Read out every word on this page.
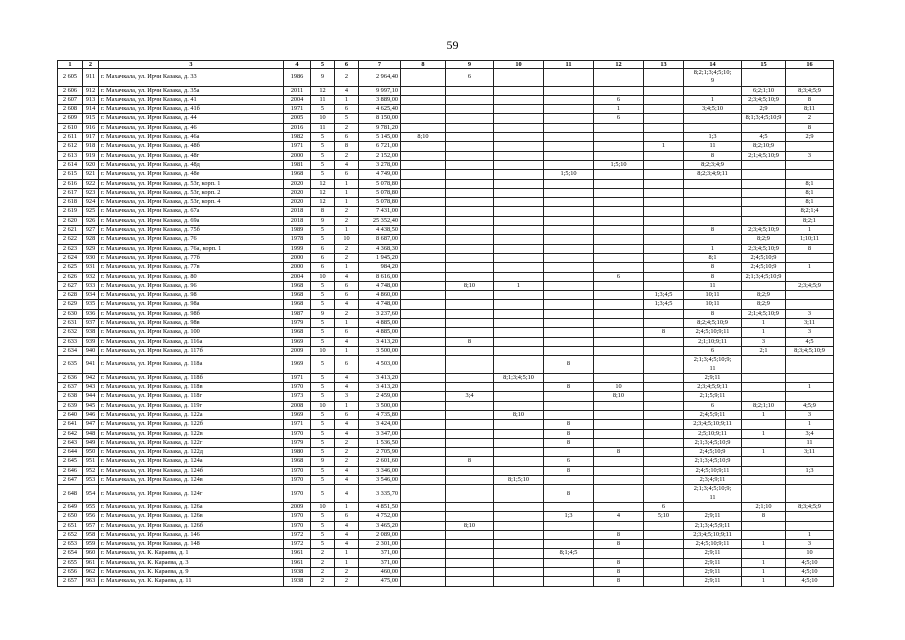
59
1	2	3	4	5	6	7	8	9	10	11	12	13	14	15	16
2 605	911	г. Махачкала, ул. Ирчи Казака, д. 33	1986	9	2	2 964,40		6					8;2;1;3;4;5;10;
9		
2 606	912	г. Махачкала, ул. Ирчи Казака, д. 35а	2011	12	4	9 997,10								6;2;1;10	8;3;4;5;9
2 607	913	г. Махачкала, ул. Ирчи Казака, д. 41	2004	11	1	3 889,00					6		1	2;3;4;5;10;9	8
2 608	914	г. Махачкала, ул. Ирчи Казака, д. 41б	1971	5	6	4 625,40					1		3;4;5;10	2;9	8;11
2 609	915	г. Махачкала, ул. Ирчи Казака, д. 44	2005	10	5	8 150,00					6			8;1;3;4;5;10;9	2
2 610	916	г. Махачкала, ул. Ирчи Казака, д. 46	2016	11	2	9 781,20									8
2 611	917	г. Махачкала, ул. Ирчи Казака, д. 46а	1982	5	6	5 145,00	8;10						1;3	4;5	2;9
2 612	918	г. Махачкала, ул. Ирчи Казака, д. 48б	1971	5	8	6 721,00						1	11	8;2;10;9	
2 613	919	г. Махачкала, ул. Ирчи Казака, д. 48г	2000	5	2	2 152,00							8	2;1;4;5;10;9	3
2 614	920	г. Махачкала, ул. Ирчи Казака, д. 48д	1981	5	4	3 278,00					1;5;10		8;2;3;4;9		
2 615	921	г. Махачкала, ул. Ирчи Казака, д. 48е	1968	5	6	4 749,00				1;5;10			8;2;3;4;9;11		
2 616	922	г. Махачкала, ул. Ирчи Казака, д. 53г, корп. 1	2020	12	1	5 078,80									8;1
2 617	923	г. Махачкала, ул. Ирчи Казака, д. 53г, корп. 2	2020	12	1	5 078,80									8;1
2 618	924	г. Махачкала, ул. Ирчи Казака, д. 53г, корп. 4	2020	12	1	5 078,80									8;1
2 619	925	г. Махачкала, ул. Ирчи Казака, д. 67а	2018	8	2	7 431,00									8;2;1;4
2 620	926	г. Махачкала, ул. Ирчи Казака, д. 69а	2018	9	2	25 352,40									8;2;1
2 621	927	г. Махачкала, ул. Ирчи Казака, д. 75б	1989	5	1	4 438,50							8	2;3;4;5;10;9	1
2 622	928	г. Махачкала, ул. Ирчи Казака, д. 76	1978	5	10	8 687,00								8;2;9	1;10;11
2 623	929	г. Махачкала, ул. Ирчи Казака, д. 76а, корп. 1	1999	6	2	4 368,30							1	2;3;4;5;10;9	8
2 624	930	г. Махачкала, ул. Ирчи Казака, д. 77б	2000	6	2	1 945,20							8;1	2;4;5;10;9	
2 625	931	г. Махачкала, ул. Ирчи Казака, д. 77в	2000	6	1	984,20							8	2;4;5;10;9	1
2 626	932	г. Махачкала, ул. Ирчи Казака, д. 80	2004	10	4	8 616,00					6		8	2;1;3;4;5;10;9	
2 627	933	г. Махачкала, ул. Ирчи Казака, д. 96	1968	5	6	4 748,00		8;10	1				11		2;3;4;5;9
2 628	934	г. Махачкала, ул. Ирчи Казака, д. 98	1968	5	6	4 860,00						1;3;4;5	10;11	8;2;9	
2 629	935	г. Махачкала, ул. Ирчи Казака, д. 98а	1968	5	4	4 748,00						1;3;4;5	10;11	8;2;9	
2 630	936	г. Махачкала, ул. Ирчи Казака, д. 98б	1987	9	2	3 237,60							8	2;1;4;5;10;9	3
2 631	937	г. Махачкала, ул. Ирчи Казака, д. 98в	1979	5	1	4 885,00							8;2;4;5;10;9	1	3;11
2 632	938	г. Махачкала, ул. Ирчи Казака, д. 100	1968	5	6	4 885,00						8	2;4;5;10;9;11	1	3
2 633	939	г. Махачкала, ул. Ирчи Казака, д. 116а	1969	5	4	3 413,20		8					2;1;10;9;11	3	4;5
2 634	940	г. Махачкала, ул. Ирчи Казака, д. 117б	2009	10	1	3 500,00							6	2;1	8;3;4;5;10;9
2 635	941	г. Махачкала, ул. Ирчи Казака, д. 118а	1969	5	6	4 503,00				8			2;1;3;4;5;10;9;
11		
2 636	942	г. Махачкала, ул. Ирчи Казака, д. 118б	1971	5	4	3 413,20			8;1;3;4;5;10				2;9;11		
2 637	943	г. Махачкала, ул. Ирчи Казака, д. 118в	1970	5	4	3 413,20				8	10		2;3;4;5;9;11		1
2 638	944	г. Махачкала, ул. Ирчи Казака, д. 118г	1973	5	3	2 459,00		3;4			8;10		2;1;5;9;11		
2 639	945	г. Махачкала, ул. Ирчи Казака, д. 119г	2008	10	1	3 500,00							6	8;2;1;10	4;5;9
2 640	946	г. Махачкала, ул. Ирчи Казака, д. 122а	1969	5	6	4 735,80			8;10				2;4;5;9;11	1	3
2 641	947	г. Махачкала, ул. Ирчи Казака, д. 122б	1971	5	4	3 424,00				8			2;3;4;5;10;9;11		1
2 642	948	г. Махачкала, ул. Ирчи Казака, д. 122в	1970	5	4	3 347,00				8			2;5;10;9;11	1	3;4
2 643	949	г. Махачкала, ул. Ирчи Казака, д. 122г	1979	5	2	1 536,50				8			2;1;3;4;5;10;9		11
2 644	950	г. Махачкала, ул. Ирчи Казака, д. 122д	1980	5	2	2 705,90					8		2;4;5;10;9	1	3;11
2 645	951	г. Махачкала, ул. Ирчи Казака, д. 124а	1968	9	2	2 601,60		8		6			2;1;3;4;5;10;9		
2 646	952	г. Махачкала, ул. Ирчи Казака, д. 124б	1970	5	4	3 346,00				8			2;4;5;10;9;11		1;3
2 647	953	г. Махачкала, ул. Ирчи Казака, д. 124в	1970	5	4	3 546,00			8;1;5;10				2;3;4;9;11		
2 648	954	г. Махачкала, ул. Ирчи Казака, д. 124г	1970	5	4	3 335,70				8			2;1;3;4;5;10;9;
11		
2 649	955	г. Махачкала, ул. Ирчи Казака, д. 126а	2009	10	1	4 851,50						6		2;1;10	8;3;4;5;9
2 650	956	г. Махачкала, ул. Ирчи Казака, д. 126в	1970	5	6	4 752,00				1;3	4	5;10	2;9;11	8	
2 651	957	г. Махачкала, ул. Ирчи Казака, д. 126б	1970	5	4	3 465,20		8;10					2;1;3;4;5;9;11		
2 652	958	г. Махачкала, ул. Ирчи Казака, д. 146	1972	5	4	2 089,00					8		2;3;4;5;10;9;11		1
2 653	959	г. Махачкала, ул. Ирчи Казака, д. 148	1972	5	4	2 301,00					8		2;4;5;10;9;11	1	3
2 654	960	г. Махачкала, ул. К. Караева, д. 1	1961	2	1	371,00				8;1;4;5			2;9;11		10
2 655	961	г. Махачкала, ул. К. Караева, д. 3	1961	2	1	371,00					8		2;9;11	1	4;5;10
2 656	962	г. Махачкала, ул. К. Караева, д. 9	1938	2	2	460,00					8		2;9;11	1	4;5;10
2 657	963	г. Махачкала, ул. К. Караева, д. 11	1938	2	2	475,00					8		2;9;11	1	4;5;10
